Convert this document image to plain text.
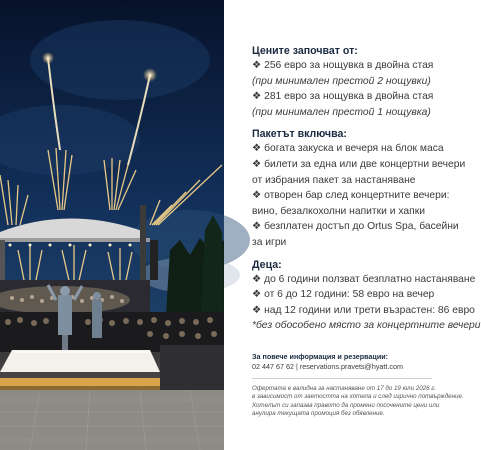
Цените започват от:

❖ 256 евро за нощувка в двойна стая

(при минимален престой 2 нощувки)

❖ 281 евро за нощувка в двойна стая

(при минимален престой 1 нощувка)

Пакетът включва:

❖ богата закуска и вечеря на блок маса

❖ билети за една или две концертни вечери

от избрания пакет за настаняване

❖ отворен бар след концертните вечери:

вино, безалкохолни напитки и хапки

❖ безплатен достъп до Ortus Spa, басейни

за игри

Деца:

❖ до 6 години ползват безплатно настаняване

❖ от 6 до 12 години: 58 евро на вечер

❖ над 12 години или трети възрастен: 86 евро

*без обособено място за концертните вечери

За повече информация и резервации:
02 447 67 62 | reservations.pravets@hyatt.com
Офертата е валидна за настаняване от 17 до 19 юли 2026 г.
в зависимост от заетостта на хотела и след изрично потвърждение.
Хотелът си запазва правото да промени посочените цени или
анулира текущата промоция без обявление.
